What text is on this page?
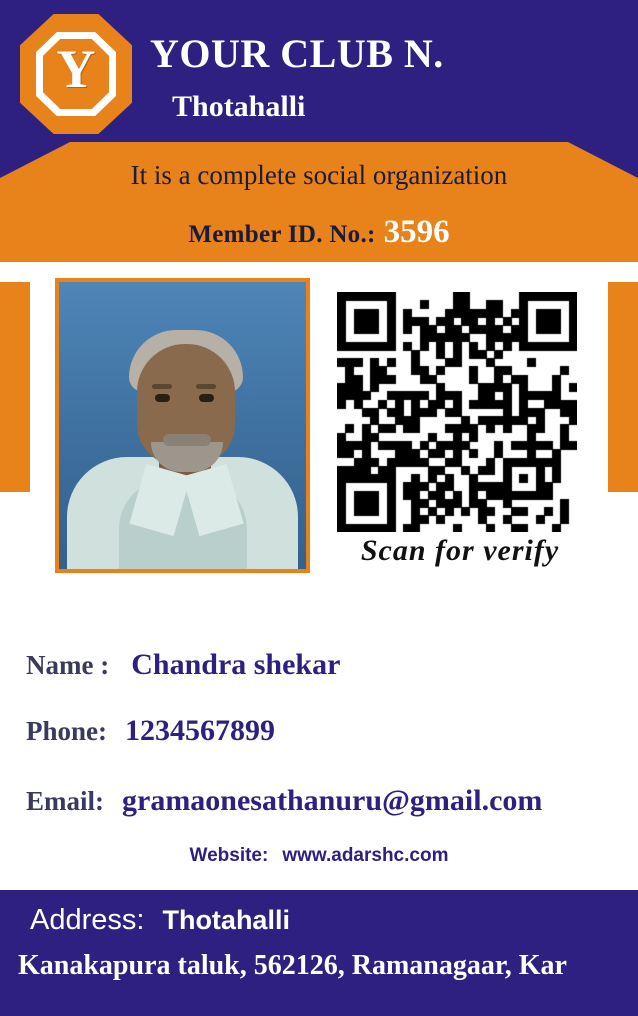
Y	YOUR CLUB N.
Thotahalli
It is a complete social organization
Member ID. No.: 3596
Scan for verify
Name : Chandra shekar
Phone: 1234567899
Email: gramaonesathanuru@gmail.com
Website: www.adarshc.com
Address: Thotahalli
Kanakapura taluk, 562126, Ramanagaar, Kar
